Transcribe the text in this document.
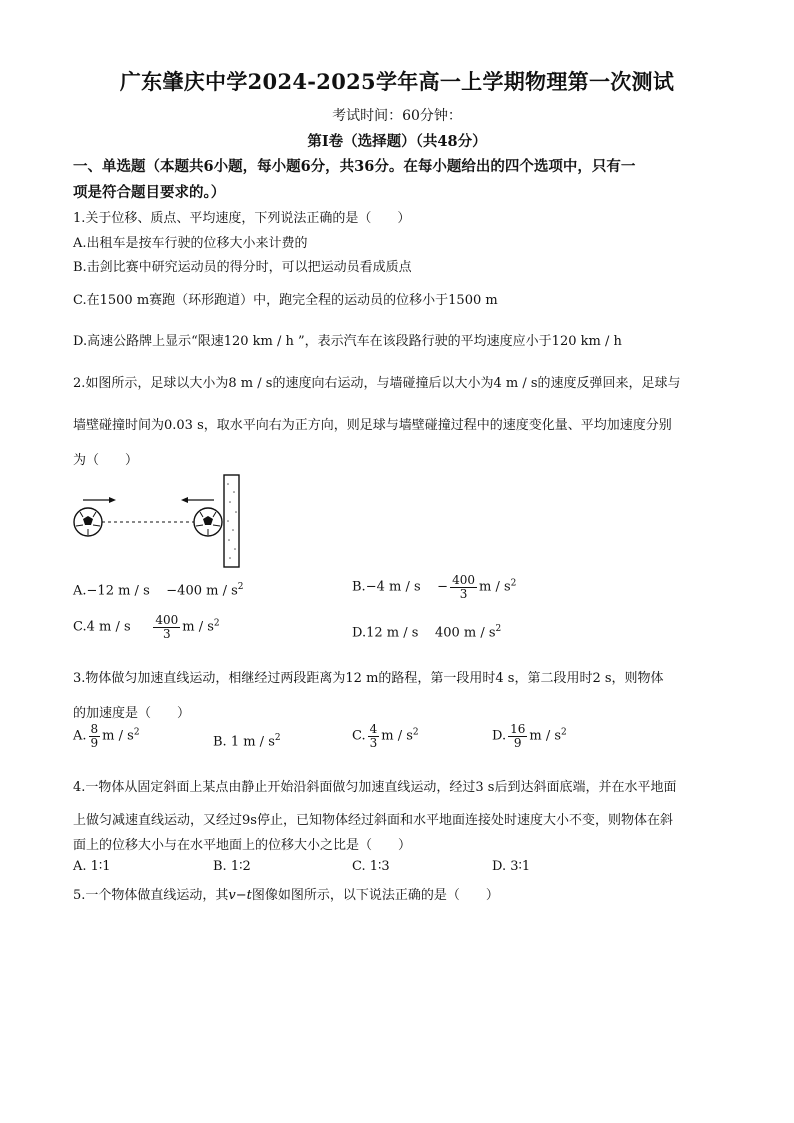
广东肇庆中学2024-2025学年高一上学期物理第一次测试
考试时间：60分钟：
第Ⅰ卷（选择题）（共48分）
一、单选题（本题共6小题，每小题6分，共36分。在每小题给出的四个选项中，只有一
项是符合题目要求的。）
1.关于位移、质点、平均速度，下列说法正确的是（　　）
A.出租车是按车行驶的位移大小来计费的
B.击剑比赛中研究运动员的得分时，可以把运动员看成质点
C.在1500 m赛跑（环形跑道）中，跑完全程的运动员的位移小于1500 m
D.高速公路牌上显示“限速120 km / h ”，表示汽车在该段路行驶的平均速度应小于120 km / h
2.如图所示，足球以大小为8 m / s的速度向右运动，与墙碰撞后以大小为4 m / s的速度反弹回来，足球与
墙壁碰撞时间为0.03 s，取水平向右为正方向，则足球与墙壁碰撞过程中的速度变化量、平均加速度分别
为（　　）
A.−12 m / s −400 m / $s^2$	B.−4 $m / s - \frac{400}{3}$ m / $s^2$
C.4 m / s $\frac{400}{3}$ m / $s^2$
D.12 m / s 400 m / $s^2$
3.物体做匀加速直线运动，相继经过两段距离为12 m的路程，第一段用时4 s，第二段用时2 s，则物体
的加速度是（　　）
A. $\frac{8}{9}$ m / $s^2$
B. 1 m / $s^2$	C. $\frac{4}{3}$ m / $s^2$	D. $\frac{16}{9}$ m / $s^2$
4.一物体从固定斜面上某点由静止开始沿斜面做匀加速直线运动，经过3 s后到达斜面底端，并在水平地面
上做匀减速直线运动，又经过9s停止，已知物体经过斜面和水平地面连接处时速度大小不变，则物体在斜
面上的位移大小与在水平地面上的位移大小之比是（　　）
A. 1∶1	B. 1∶2	C. 1∶3	D. 3∶1
5.一个物体做直线运动，其v−t图像如图所示，以下说法正确的是（　　）
